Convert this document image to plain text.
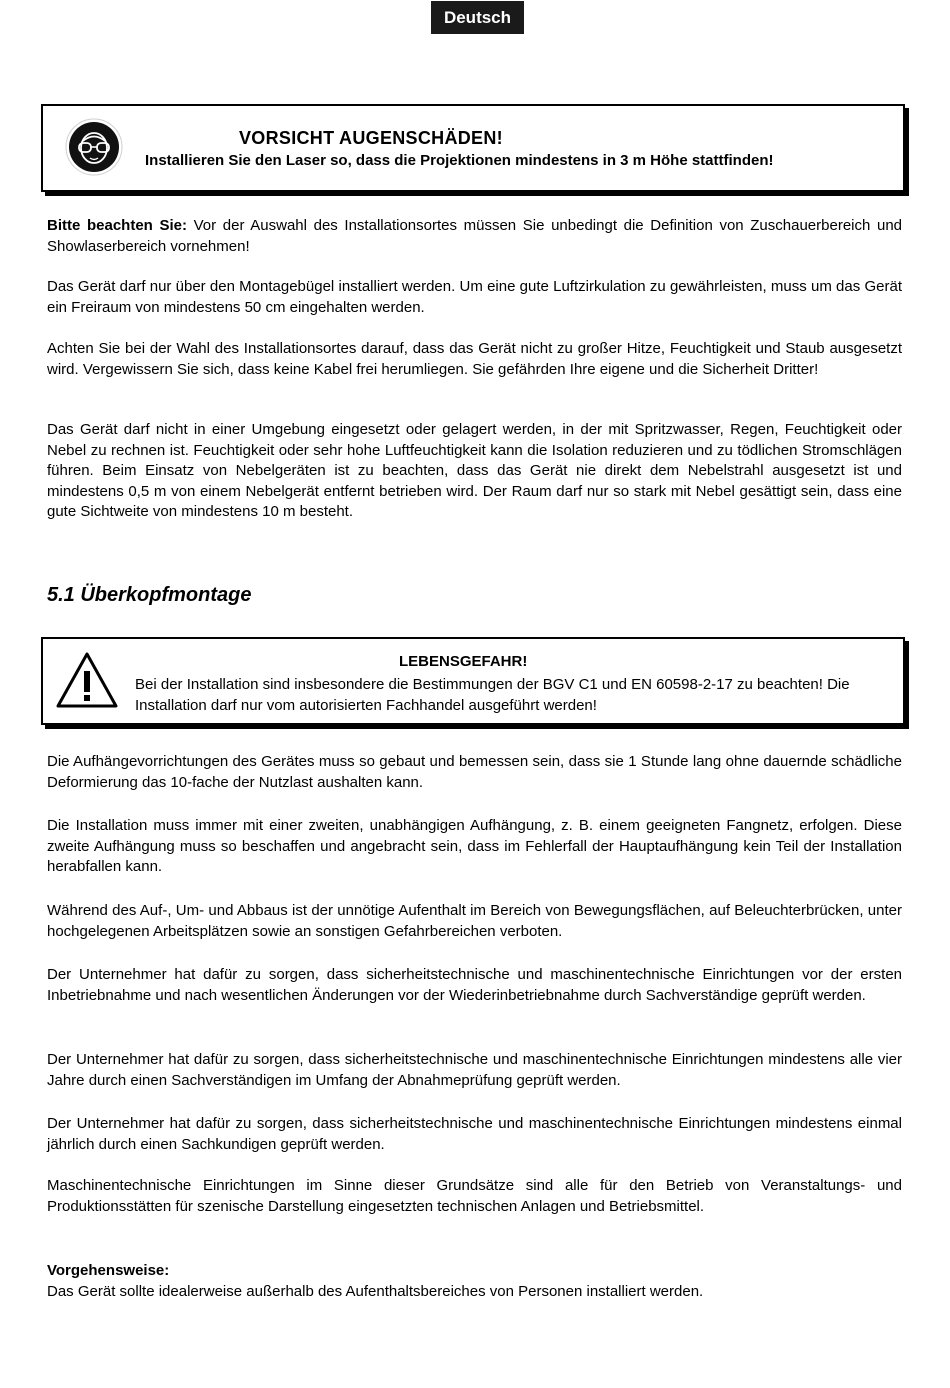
Deutsch
VORSICHT AUGENSCHÄDEN!
Installieren Sie den Laser so, dass die Projektionen mindestens in 3 m Höhe stattfinden!

Bitte beachten Sie: Vor der Auswahl des Installationsortes müssen Sie unbedingt die Definition von Zuschauerbereich und Showlaserbereich vornehmen!

Das Gerät darf nur über den Montagebügel installiert werden. Um eine gute Luftzirkulation zu gewährleisten, muss um das Gerät ein Freiraum von mindestens 50 cm eingehalten werden.

Achten Sie bei der Wahl des Installationsortes darauf, dass das Gerät nicht zu großer Hitze, Feuchtigkeit und Staub ausgesetzt wird. Vergewissern Sie sich, dass keine Kabel frei herumliegen. Sie gefährden Ihre eigene und die Sicherheit Dritter!

Das Gerät darf nicht in einer Umgebung eingesetzt oder gelagert werden, in der mit Spritzwasser, Regen, Feuchtigkeit oder Nebel zu rechnen ist. Feuchtigkeit oder sehr hohe Luftfeuchtigkeit kann die Isolation reduzieren und zu tödlichen Stromschlägen führen. Beim Einsatz von Nebelgeräten ist zu beachten, dass das Gerät nie direkt dem Nebelstrahl ausgesetzt ist und mindestens 0,5 m von einem Nebelgerät entfernt betrieben wird. Der Raum darf nur so stark mit Nebel gesättigt sein, dass eine gute Sichtweite von mindestens 10 m besteht.

5.1 Überkopfmontage
LEBENSGEFAHR!
Bei der Installation sind insbesondere die Bestimmungen der BGV C1 und EN 60598-2-17 zu beachten! Die Installation darf nur vom autorisierten Fachhandel ausgeführt werden!

Die Aufhängevorrichtungen des Gerätes muss so gebaut und bemessen sein, dass sie 1 Stunde lang ohne dauernde schädliche Deformierung das 10-fache der Nutzlast aushalten kann.

Die Installation muss immer mit einer zweiten, unabhängigen Aufhängung, z. B. einem geeigneten Fangnetz, erfolgen. Diese zweite Aufhängung muss so beschaffen und angebracht sein, dass im Fehlerfall der Hauptaufhängung kein Teil der Installation herabfallen kann.

Während des Auf-, Um- und Abbaus ist der unnötige Aufenthalt im Bereich von Bewegungsflächen, auf Beleuchterbrücken, unter hochgelegenen Arbeitsplätzen sowie an sonstigen Gefahrbereichen verboten.

Der Unternehmer hat dafür zu sorgen, dass sicherheitstechnische und maschinentechnische Einrichtungen vor der ersten Inbetriebnahme und nach wesentlichen Änderungen vor der Wiederinbetriebnahme durch Sachverständige geprüft werden.

Der Unternehmer hat dafür zu sorgen, dass sicherheitstechnische und maschinentechnische Einrichtungen mindestens alle vier Jahre durch einen Sachverständigen im Umfang der Abnahmeprüfung geprüft werden.

Der Unternehmer hat dafür zu sorgen, dass sicherheitstechnische und maschinentechnische Einrichtungen mindestens einmal jährlich durch einen Sachkundigen geprüft werden.

Maschinentechnische Einrichtungen im Sinne dieser Grundsätze sind alle für den Betrieb von Veranstaltungs- und Produktionsstätten für szenische Darstellung eingesetzten technischen Anlagen und Betriebsmittel.

Vorgehensweise:
Das Gerät sollte idealerweise außerhalb des Aufenthaltsbereiches von Personen installiert werden.
